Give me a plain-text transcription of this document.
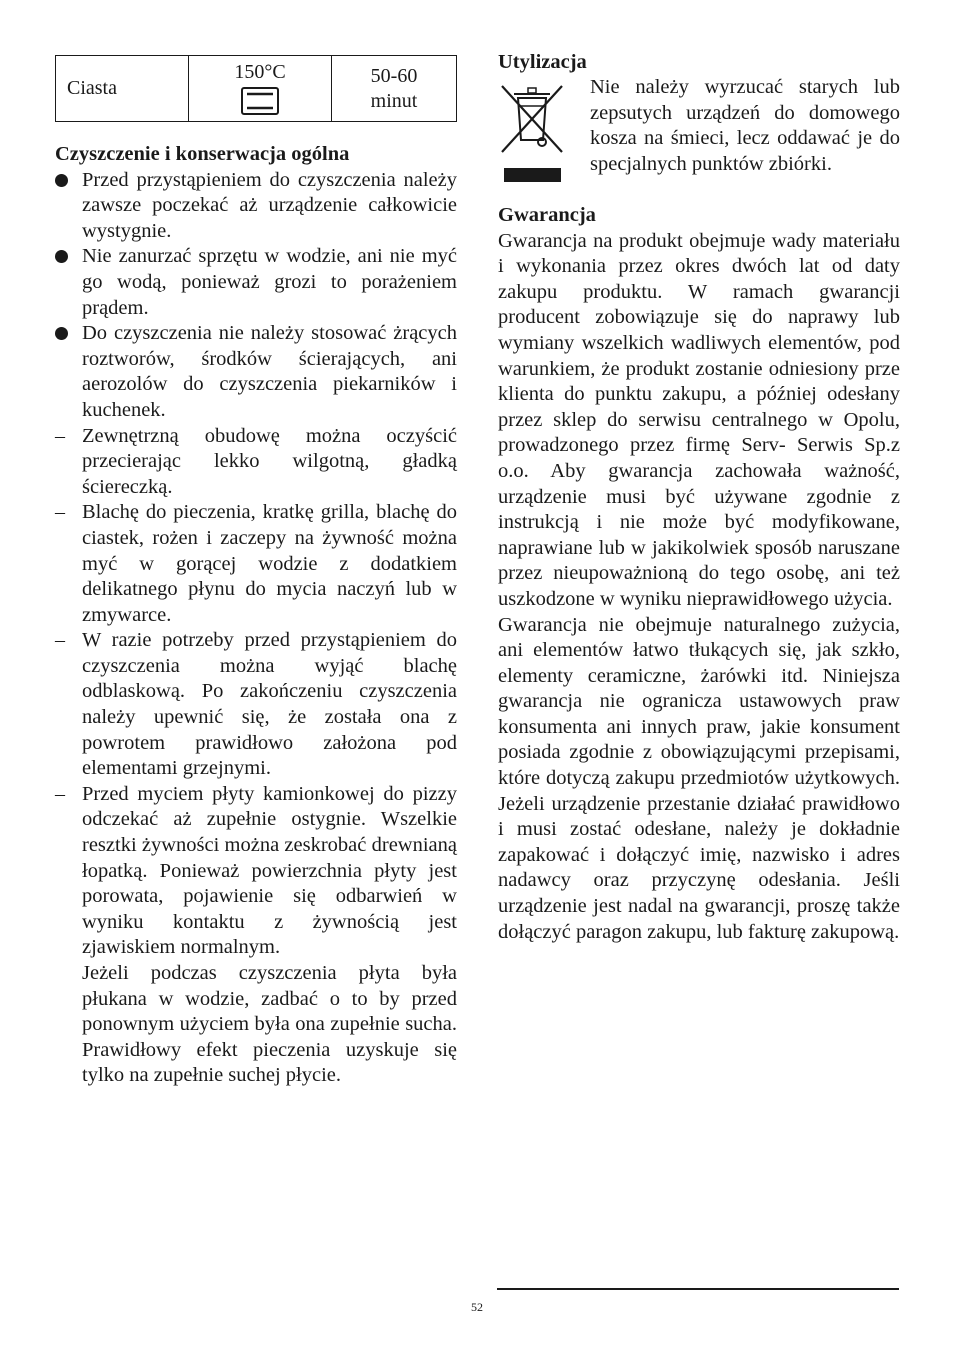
Ciasta	150°C	50-60
minut
Czyszczenie i konserwacja ogólna
Przed przystąpieniem do czyszczenia należy zawsze poczekać aż urządzenie całkowicie wystygnie.
Nie zanurzać sprzętu w wodzie, ani nie myć go wodą, ponieważ grozi to porażeniem prądem.
Do czyszczenia nie należy stosować żrących roztworów, środków ścierających, ani aerozolów do czyszczenia piekarników i kuchenek.
– Zewnętrzną obudowę można oczyścić przecierając lekko wilgotną, gładką ściereczką.
– Blachę do pieczenia, kratkę grilla, blachę do ciastek, rożen i zaczepy na żywność można myć w gorącej wodzie z dodatkiem delikatnego płynu do mycia naczyń lub w zmywarce.
– W razie potrzeby przed przystąpieniem do czyszczenia można wyjąć blachę odblaskową. Po zakończeniu czyszczenia należy upewnić się, że została ona z powrotem prawidłowo założona pod elementami grzejnymi.
– Przed myciem płyty kamionkowej do pizzy odczekać aż zupełnie ostygnie. Wszelkie resztki żywności można zeskrobać drewnianą łopatką. Ponieważ powierzchnia płyty jest porowata, pojawienie się odbarwień w wyniku kontaktu z żywnością jest zjawiskiem normalnym.
Jeżeli podczas czyszczenia płyta była płukana w wodzie, zadbać o to by przed ponownym użyciem była ona zupełnie sucha. Prawidłowy efekt pieczenia uzyskuje się tylko na zupełnie suchej płycie.
Utylizacja
Nie należy wyrzucać starych lub zepsutych urządzeń do domowego kosza na śmieci, lecz oddawać je do specjalnych punktów zbiórki.
Gwarancja

Gwarancja na produkt obejmuje wady materiału i wykonania przez okres dwóch lat od daty zakupu produktu. W ramach gwarancji producent zobowiązuje się do naprawy lub wymiany wszelkich wadliwych elementów, pod warunkiem, że produkt zostanie odniesiony prze klienta do punktu zakupu, a później odesłany przez sklep do serwisu centralnego w Opolu, prowadzonego przez firmę Serv- Serwis Sp.z o.o. Aby gwarancja zachowała ważność, urządzenie musi być używane zgodnie z instrukcją i nie może być modyfikowane, naprawiane lub w jakikolwiek sposób naruszane przez nieupoważnioną do tego osobę, ani też uszkodzone w wyniku nieprawidłowego użycia.

Gwarancja nie obejmuje naturalnego zużycia, ani elementów łatwo tłukących się, jak szkło, elementy ceramiczne, żarówki itd. Niniejsza gwarancja nie ogranicza ustawowych praw konsumenta ani innych praw, jakie konsument posiada zgodnie z obowiązującymi przepisami, które dotyczą zakupu przedmiotów użytkowych. Jeżeli urządzenie przestanie działać prawidłowo i musi zostać odesłane, należy je dokładnie zapakować i dołączyć imię, nazwisko i adres nadawcy oraz przyczynę odesłania. Jeśli urządzenie jest nadal na gwarancji, proszę także dołączyć paragon zakupu, lub fakturę zakupową.

52
